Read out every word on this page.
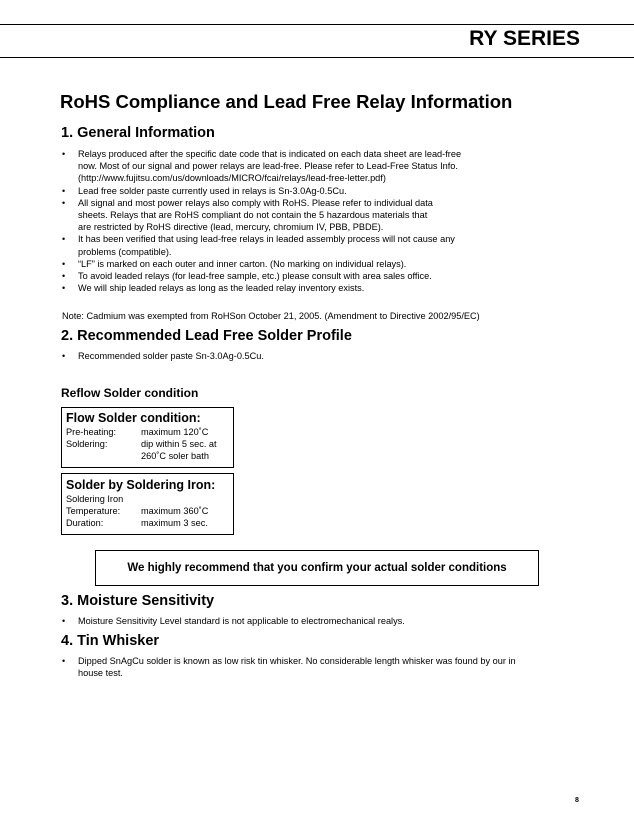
RY SERIES
RoHS Compliance and Lead Free Relay Information
1. General Information
• Relays produced after the specific date code that is indicated on each data sheet are lead-free
now. Most of our signal and power relays are lead-free. Please refer to Lead-Free Status Info.
(http://www.fujitsu.com/us/downloads/MICRO/fcai/relays/lead-free-letter.pdf)
• Lead free solder paste currently used in relays is Sn-3.0Ag-0.5Cu.
• All signal and most power relays also comply with RoHS. Please refer to individual data
sheets. Relays that are RoHS compliant do not contain the 5 hazardous materials that
are restricted by RoHS directive (lead, mercury, chromium IV, PBB, PBDE).
• It has been verified that using lead-free relays in leaded assembly process will not cause any
problems (compatible).
• “LF” is marked on each outer and inner carton. (No marking on individual relays).
• To avoid leaded relays (for lead-free sample, etc.) please consult with area sales office.
• We will ship leaded relays as long as the leaded relay inventory exists.
Note: Cadmium was exempted from RoHSon October 21, 2005. (Amendment to Directive 2002/95/EC)
2. Recommended Lead Free Solder Profile
• Recommended solder paste Sn-3.0Ag-0.5Cu.
Reflow Solder condition
Flow Solder condition:
Pre-heating:	maximum 120˚C
Soldering:	dip within 5 sec. at
260˚C soler bath
Solder by Soldering Iron:
Soldering Iron
Temperature:	maximum 360˚C
Duration:	maximum 3 sec.
We highly recommend that you confirm your actual solder conditions
3. Moisture Sensitivity
• Moisture Sensitivity Level standard is not applicable to electromechanical realys.
4. Tin Whisker
• Dipped SnAgCu solder is known as low risk tin whisker. No considerable length whisker was found by our in
house test.
8
